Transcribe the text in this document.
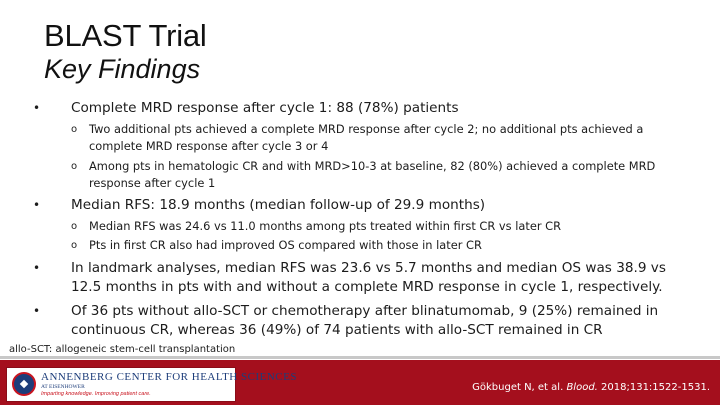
BLAST Trial
Key Findings
• Complete MRD response after cycle 1: 88 (78%) patients
o Two additional pts achieved a complete MRD response after cycle 2; no additional pts achieved a complete MRD response after cycle 3 or 4
o Among pts in hematologic CR and with MRD>10-3 at baseline, 82 (80%) achieved a complete MRD response after cycle 1
• Median RFS: 18.9 months (median follow-up of 29.9 months)
o Median RFS was 24.6 vs 11.0 months among pts treated within first CR vs later CR
o Pts in first CR also had improved OS compared with those in later CR
• In landmark analyses, median RFS was 23.6 vs 5.7 months and median OS was 38.9 vs 12.5 months in pts with and without a complete MRD response in cycle 1, respectively.
• Of 36 pts without allo-SCT or chemotherapy after blinatumomab, 9 (25%) remained in continuous CR, whereas 36 (49%) of 74 patients with allo-SCT remained in CR
allo-SCT: allogeneic stem-cell transplantation
ANNENBERG CENTER FOR HEALTH SCIENCES
AT EISENHOWER
Imparting knowledge. Improving patient care.
Gökbuget N, et al. Blood. 2018;131:1522-1531.
